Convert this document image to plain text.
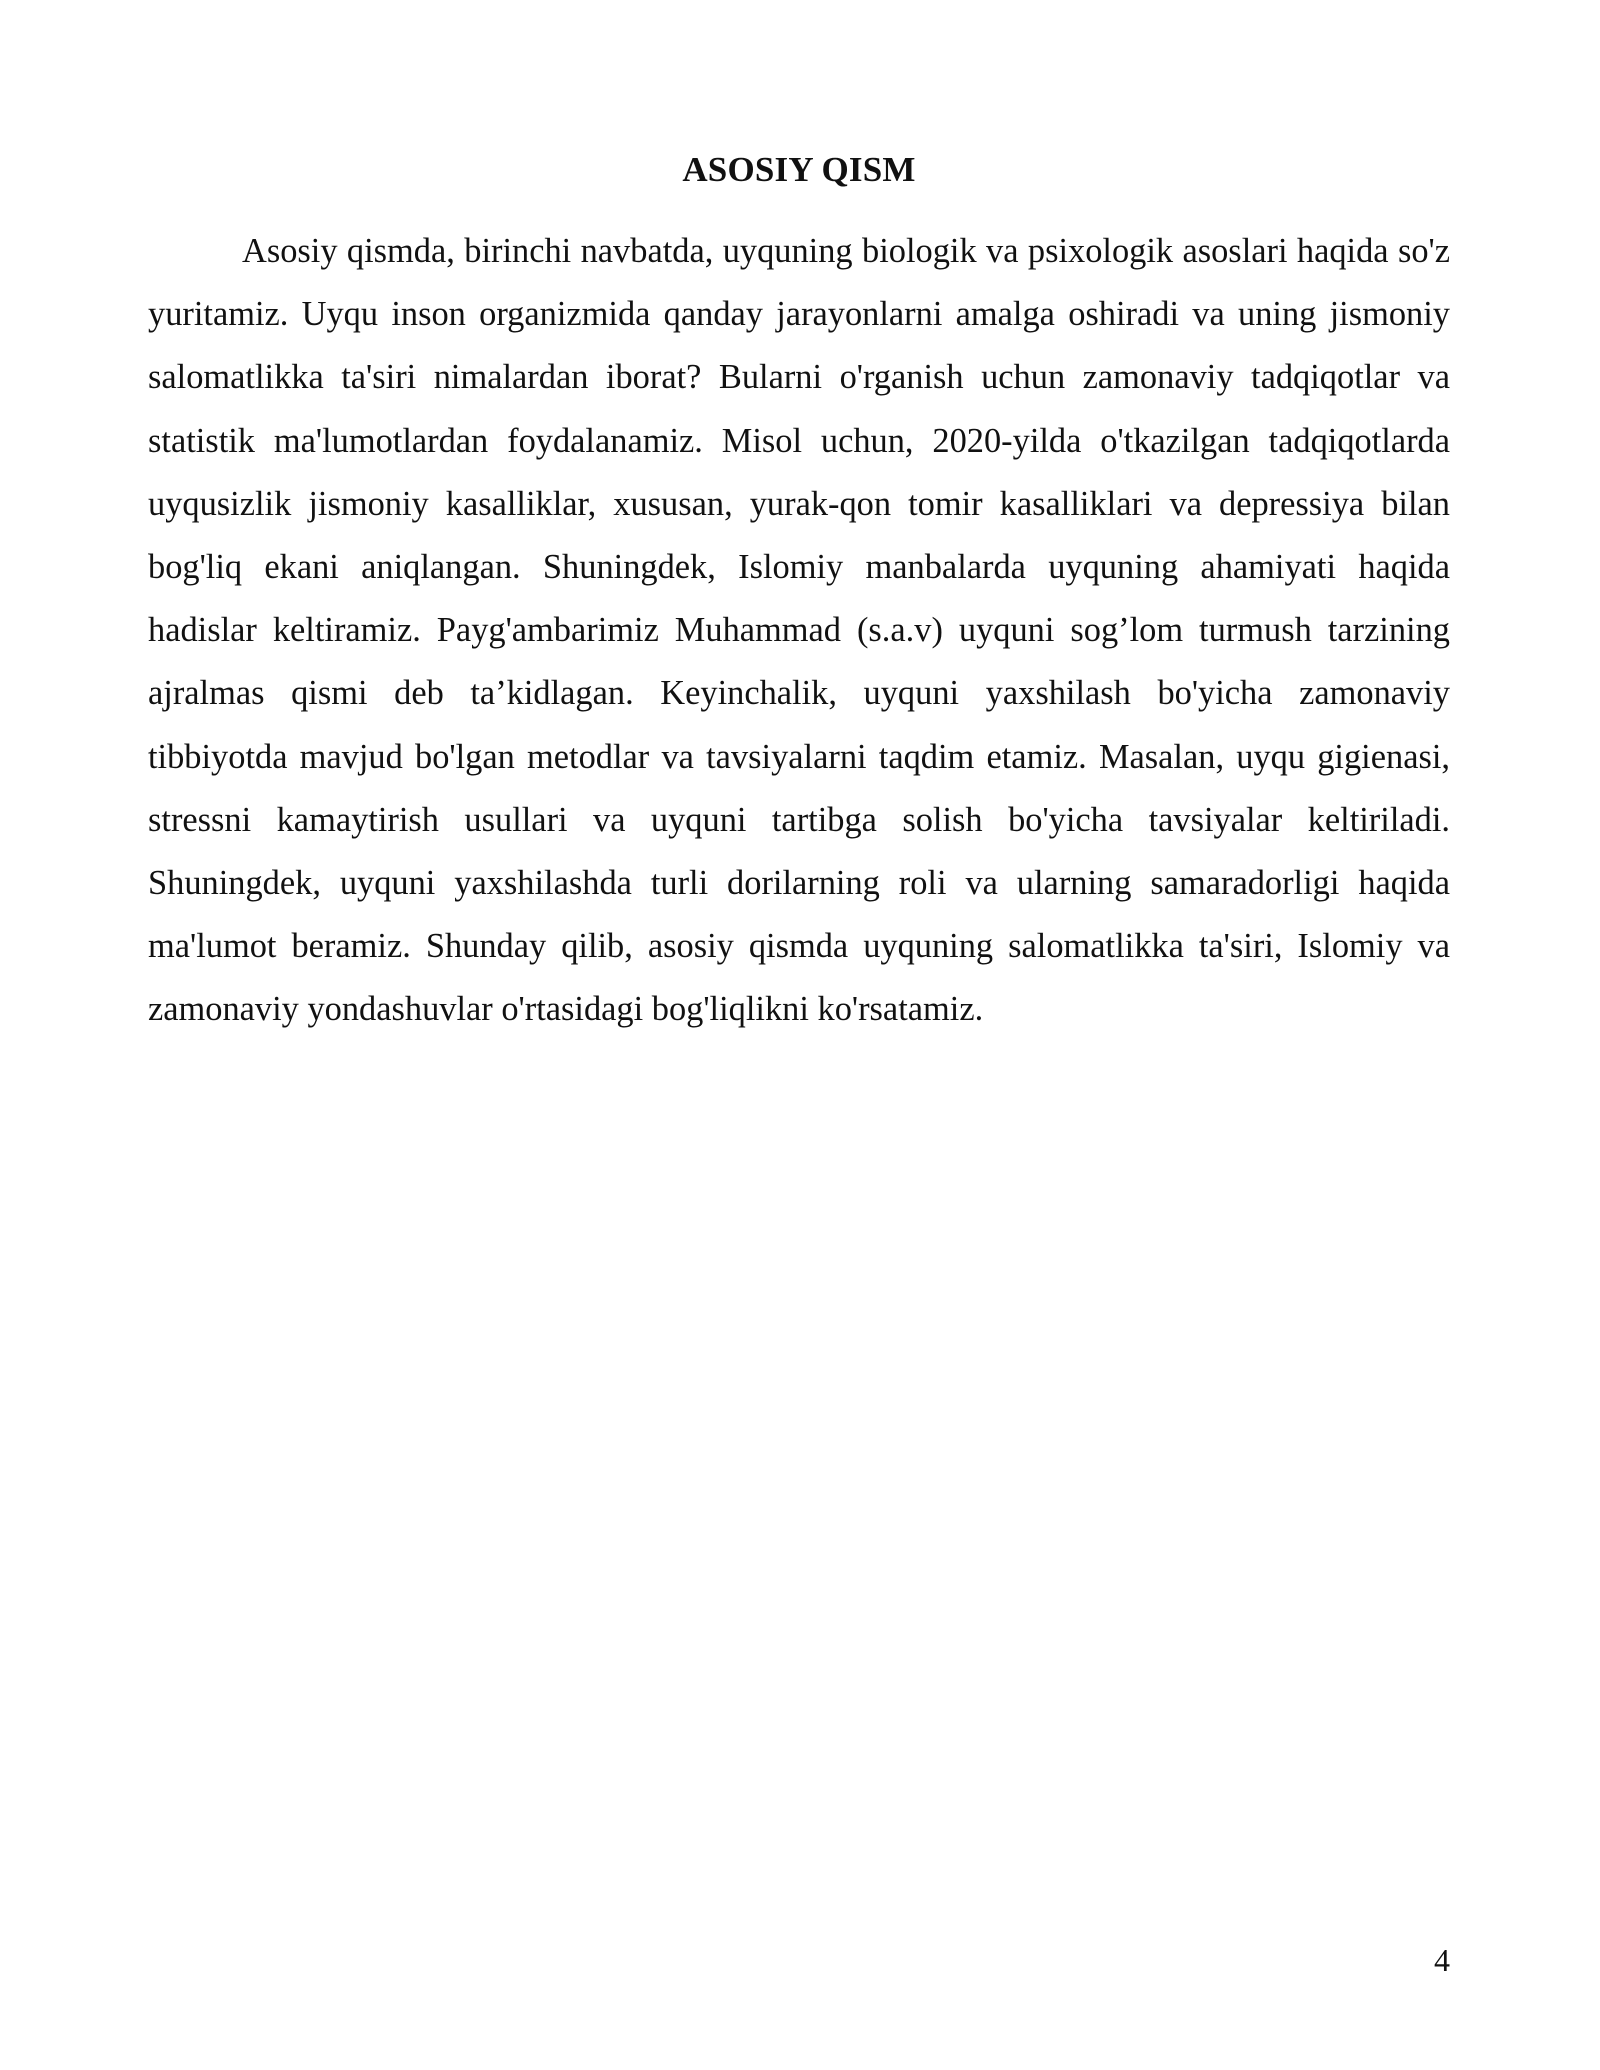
ASOSIY QISM

Asosiy qismda, birinchi navbatda, uyquning biologik va psixologik asoslari haqida so'z yuritamiz. Uyqu inson organizmida qanday jarayonlarni amalga oshiradi va uning jismoniy salomatlikka ta'siri nimalardan iborat? Bularni o'rganish uchun zamonaviy tadqiqotlar va statistik ma'lumotlardan foydalanamiz. Misol uchun, 2020-yilda o'tkazilgan tadqiqotlarda uyqusizlik jismoniy kasalliklar, xususan, yurak-qon tomir kasalliklari va depressiya bilan bog'liq ekani aniqlangan. Shuningdek, Islomiy manbalarda uyquning ahamiyati haqida hadislar keltiramiz. Payg'ambarimiz Muhammad (s.a.v) uyquni sog’lom turmush tarzining ajralmas qismi deb ta’kidlagan. Keyinchalik, uyquni yaxshilash bo'yicha zamonaviy tibbiyotda mavjud bo'lgan metodlar va tavsiyalarni taqdim etamiz. Masalan, uyqu gigienasi, stressni kamaytirish usullari va uyquni tartibga solish bo'yicha tavsiyalar keltiriladi. Shuningdek, uyquni yaxshilashda turli dorilarning roli va ularning samaradorligi haqida ma'lumot beramiz. Shunday qilib, asosiy qismda uyquning salomatlikka ta'siri, Islomiy va zamonaviy yondashuvlar o'rtasidagi bog'liqlikni ko'rsatamiz.

4
